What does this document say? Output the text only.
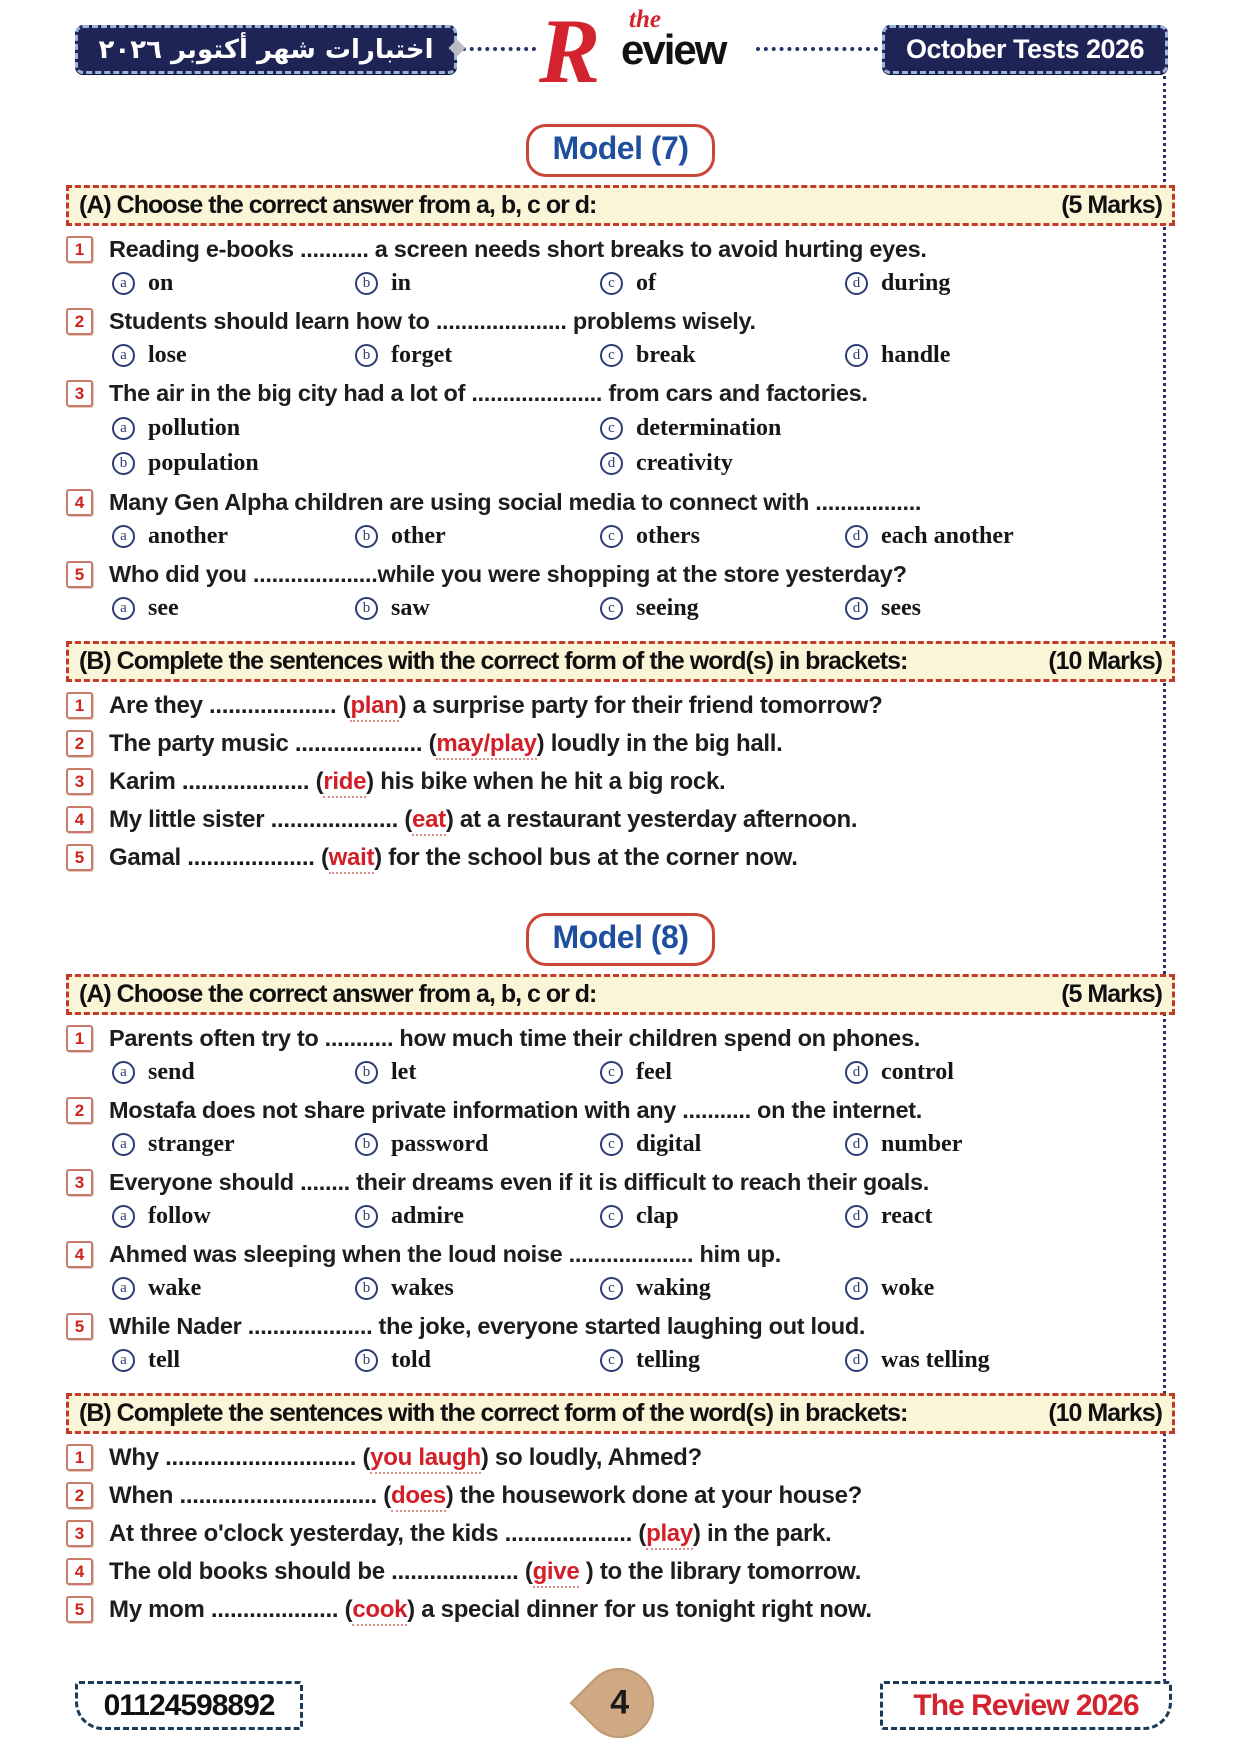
اختبارات شهر أكتوبر ٢٠٢٦ R the
eview	October Tests 2026
Model (7)
(A) Choose the correct answer from a, b, c or d:	(5 Marks)
1	Reading e-books ........... a screen needs short breaks to avoid hurting eyes.
a on	b in	c of	d during
2	Students should learn how to ..................... problems wisely.
a lose	b forget	c break	d handle
3	The air in the big city had a lot of ..................... from cars and factories.
a pollution
b population
c determination
d creativity
4	Many Gen Alpha children are using social media to connect with .................
a another	b other	c others	d each another
5	Who did you ....................while you were shopping at the store yesterday?
a see	b saw	c seeing	d sees
(B) Complete the sentences with the correct form of the word(s) in brackets:	(10 Marks)
1	Are they .................... (plan) a surprise party for their friend tomorrow?
2	The party music .................... (may/play) loudly in the big hall.
3	Karim .................... (ride) his bike when he hit a big rock.
4	My little sister .................... (eat) at a restaurant yesterday afternoon.
5	Gamal .................... (wait) for the school bus at the corner now.
Model (8)
(A) Choose the correct answer from a, b, c or d:	(5 Marks)
1	Parents often try to ........... how much time their children spend on phones.
a send	b let	c feel	d control
2	Mostafa does not share private information with any ........... on the internet.
a stranger	b password	c digital	d number
3	Everyone should ........ their dreams even if it is difficult to reach their goals.
a follow	b admire	c clap	d react
4	Ahmed was sleeping when the loud noise .................... him up.
a wake	b wakes	c waking	d woke
5	While Nader .................... the joke, everyone started laughing out loud.
a tell	b told	c telling	d was telling
(B) Complete the sentences with the correct form of the word(s) in brackets:	(10 Marks)
1	Why .............................. (you laugh) so loudly, Ahmed?
2	When ............................... (does) the housework done at your house?
3	At three o'clock yesterday, the kids .................... (play) in the park.
4	The old books should be .................... (give ) to the library tomorrow.
5	My mom .................... (cook) a special dinner for us tonight right now.
01124598892	4	The Review 2026
